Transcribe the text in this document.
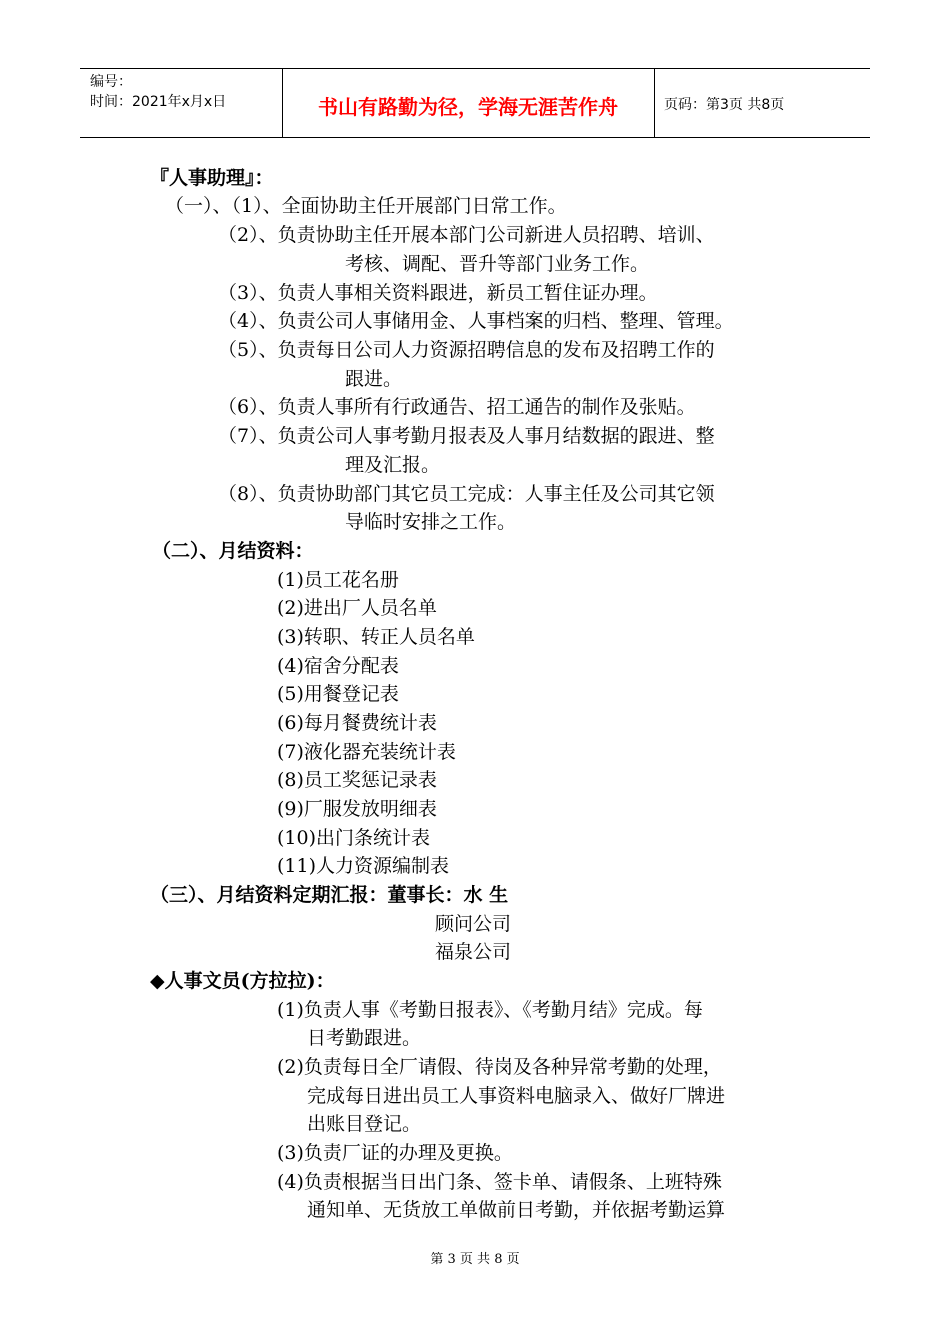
编号：
时间：2021年x月x日	书山有路勤为径，学海无涯苦作舟	页码：第3页 共8页
『人事助理』：
（一）、（1）、全面协助主任开展部门日常工作。
（2）、负责协助主任开展本部门公司新进人员招聘、培训、
考核、调配、晋升等部门业务工作。
（3）、负责人事相关资料跟进，新员工暂住证办理。
（4）、负责公司人事储用金、人事档案的归档、整理、管理。
（5）、负责每日公司人力资源招聘信息的发布及招聘工作的
跟进。
（6）、负责人事所有行政通告、招工通告的制作及张贴。
（7）、负责公司人事考勤月报表及人事月结数据的跟进、整
理及汇报。
（8）、负责协助部门其它员工完成：人事主任及公司其它领
导临时安排之工作。
（二）、月结资料：
(1)员工花名册
(2)进出厂人员名单
(3)转职、转正人员名单
(4)宿舍分配表
(5)用餐登记表
(6)每月餐费统计表
(7)液化器充装统计表
(8)员工奖惩记录表
(9)厂服发放明细表
(10)出门条统计表
(11)人力资源编制表
（三）、月结资料定期汇报：董事长：水 生
顾问公司
福泉公司
◆人事文员(方拉拉)：
(1)负责人事《考勤日报表》、《考勤月结》完成。每
日考勤跟进。
(2)负责每日全厂请假、待岗及各种异常考勤的处理，
完成每日进出员工人事资料电脑录入、做好厂牌进
出账目登记。
(3)负责厂证的办理及更换。
(4)负责根据当日出门条、签卡单、请假条、上班特殊
通知单、无货放工单做前日考勤，并依据考勤运算
第 3 页 共 8 页
